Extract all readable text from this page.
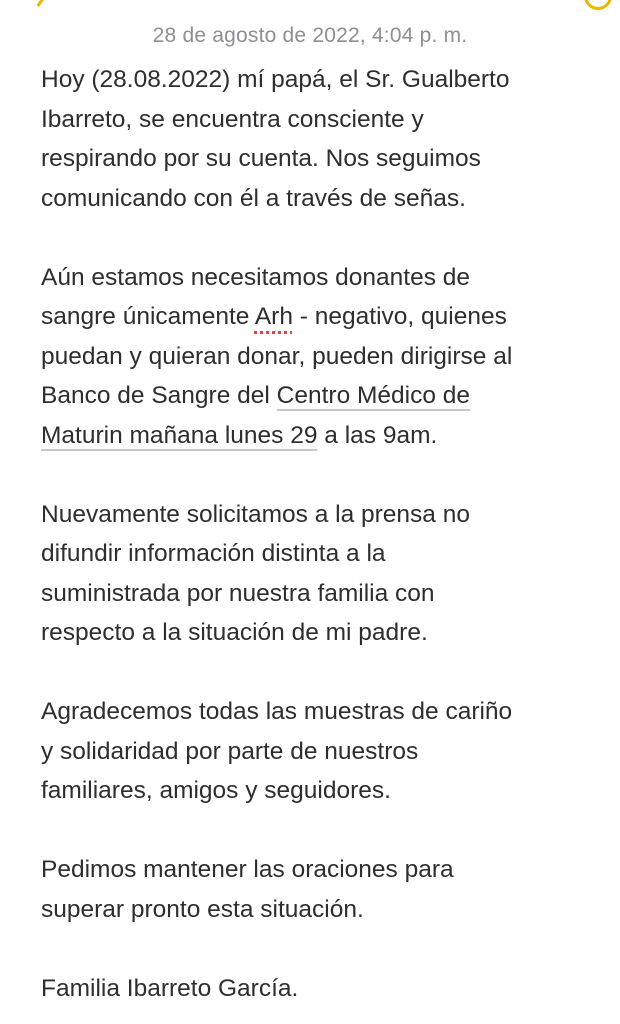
28 de agosto de 2022, 4:04 p. m.

Hoy (28.08.2022) mí papá, el Sr. Gualberto

Ibarreto, se encuentra consciente y

respirando por su cuenta. Nos seguimos

comunicando con él a través de señas.

Aún estamos necesitamos donantes de

sangre únicamente Arh - negativo, quienes

puedan y quieran donar, pueden dirigirse al

Banco de Sangre del Centro Médico de

Maturin mañana lunes 29 a las 9am.

Nuevamente solicitamos a la prensa no

difundir información distinta a la

suministrada por nuestra familia con

respecto a la situación de mi padre.

Agradecemos todas las muestras de cariño

y solidaridad por parte de nuestros

familiares, amigos y seguidores.

Pedimos mantener las oraciones para

superar pronto esta situación.

Familia Ibarreto García.
